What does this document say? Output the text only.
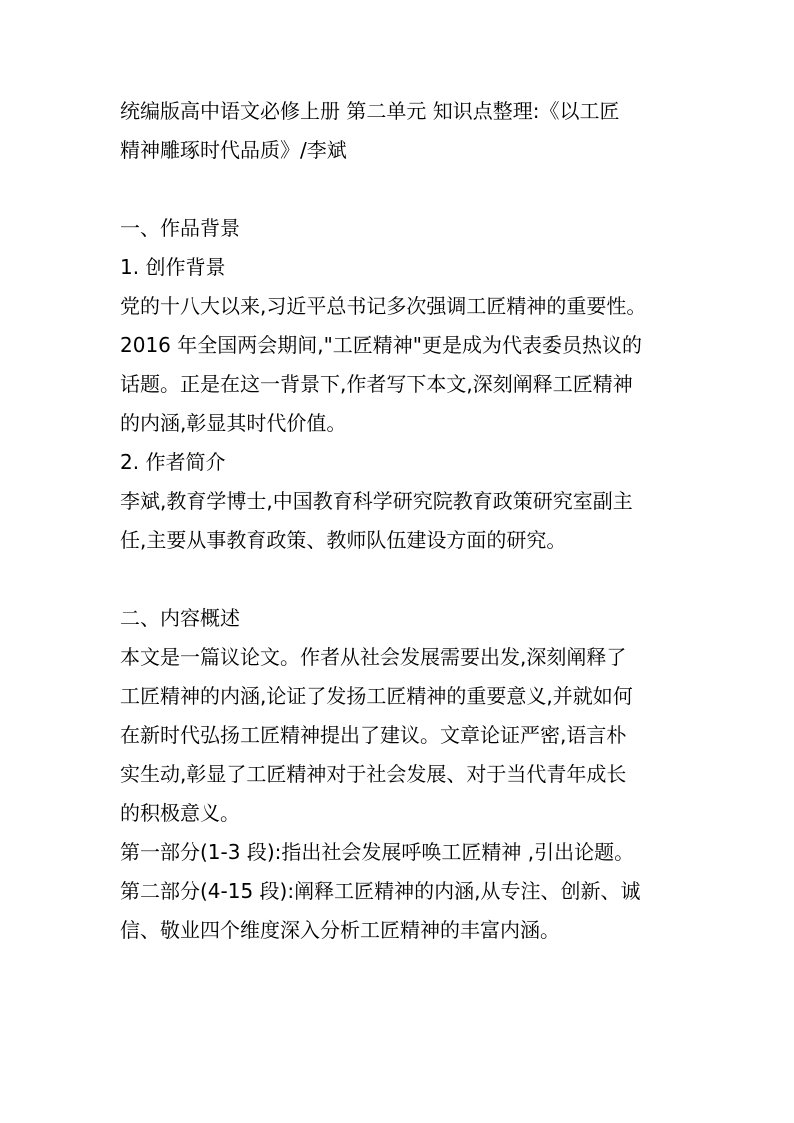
统编版高中语文必修上册 第二单元 知识点整理:《以工匠

精神雕琢时代品质》/李斌

一、作品背景

1. 创作背景

党的十八大以来,习近平总书记多次强调工匠精神的重要性。

2016 年全国两会期间,"工匠精神"更是成为代表委员热议的

话题。正是在这一背景下,作者写下本文,深刻阐释工匠精神

的内涵,彰显其时代价值。

2. 作者简介

李斌,教育学博士,中国教育科学研究院教育政策研究室副主

任,主要从事教育政策、教师队伍建设方面的研究。

二、内容概述

本文是一篇议论文。作者从社会发展需要出发,深刻阐释了

工匠精神的内涵,论证了发扬工匠精神的重要意义,并就如何

在新时代弘扬工匠精神提出了建议。文章论证严密,语言朴

实生动,彰显了工匠精神对于社会发展、对于当代青年成长

的积极意义。

第一部分(1-3 段):指出社会发展呼唤工匠精神 ,引出论题。

第二部分(4-15 段):阐释工匠精神的内涵,从专注、创新、诚

信、敬业四个维度深入分析工匠精神的丰富内涵。
